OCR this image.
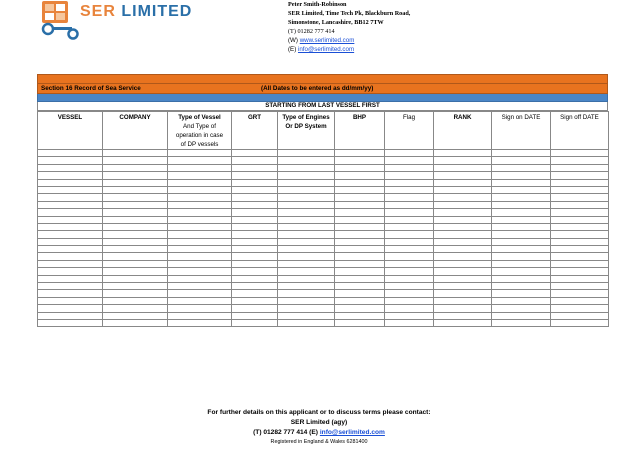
SER LIMITED	Peter Smith-Robinson
SER Limited, Time Tech Pk, Blackburn Road,
Simonstone, Lancashire, BB12 7TW
(T) 01282 777 414
(W) www.serlimited.com
(E) info@serlimited.com
Section 16 Record of Sea Service	(All Dates to be entered as dd/mm/yy)
STARTING FROM LAST VESSEL FIRST
VESSEL	COMPANY	Type of Vessel
And Type of
operation in case
of DP vessels	GRT	Type of Engines
Or DP System	BHP	Flag	RANK	Sign on DATE	Sign off DATE

For further details on this applicant or to discuss terms please contact:
SER Limited (agy)
(T) 01282 777 414 (E) info@serlimited.com
Registered in England & Wales 6281400
